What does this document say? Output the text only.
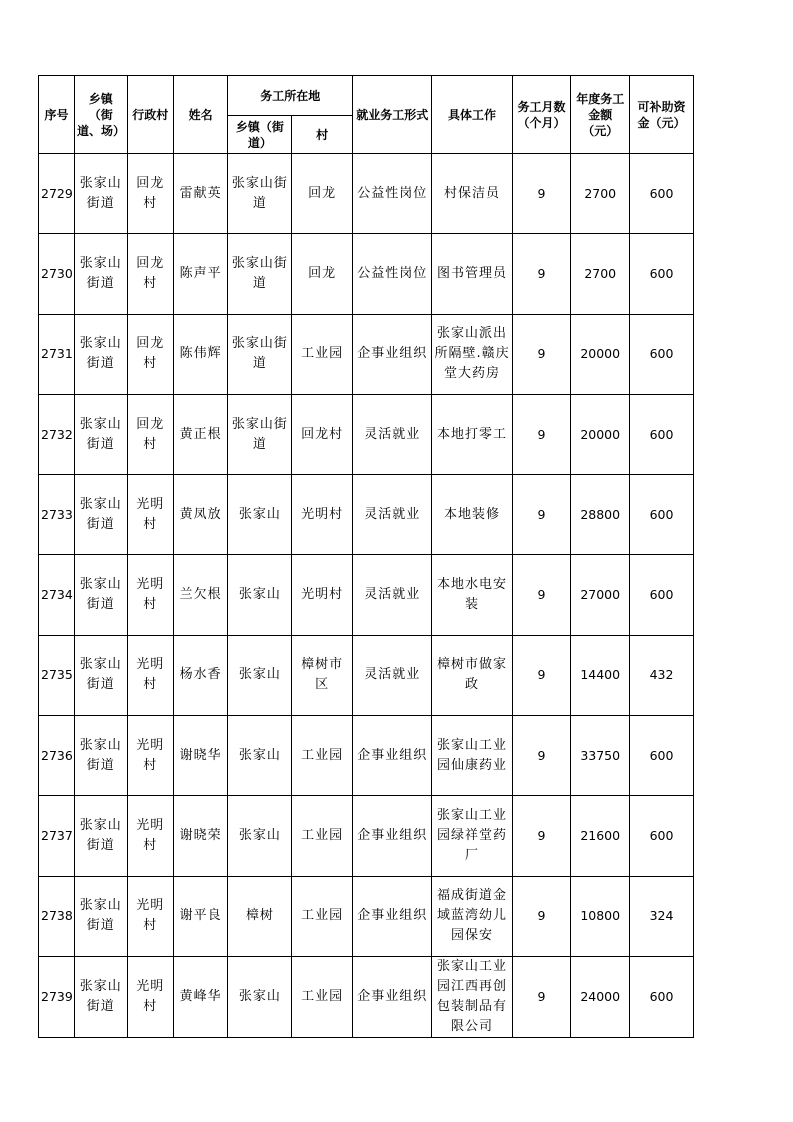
序号	乡镇（街道、场）	行政村	姓名	务工所在地		就业务工形式	具体工作	务工月数（个月）	年度务工金额（元）	可补助资金（元）
				乡镇（街道）	村					
2729	张家山街道	回龙村	雷献英	张家山街道	回龙	公益性岗位	村保洁员	9	2700	600
2730	张家山街道	回龙村	陈声平	张家山街道	回龙	公益性岗位	图书管理员	9	2700	600
2731	张家山街道	回龙村	陈伟辉	张家山街道	工业园	企事业组织	张家山派出所隔壁.赣庆堂大药房	9	20000	600
2732	张家山街道	回龙村	黄正根	张家山街道	回龙村	灵活就业	本地打零工	9	20000	600
2733	张家山街道	光明村	黄凤放	张家山	光明村	灵活就业	本地装修	9	28800	600
2734	张家山街道	光明村	兰欠根	张家山	光明村	灵活就业	本地水电安装	9	27000	600
2735	张家山街道	光明村	杨水香	张家山	樟树市区	灵活就业	樟树市做家政	9	14400	432
2736	张家山街道	光明村	谢晓华	张家山	工业园	企事业组织	张家山工业园仙康药业	9	33750	600
2737	张家山街道	光明村	谢晓荣	张家山	工业园	企事业组织	张家山工业园绿祥堂药厂	9	21600	600
2738	张家山街道	光明村	谢平良	樟树	工业园	企事业组织	福成街道金域蓝湾幼儿园保安	9	10800	324
2739	张家山街道	光明村	黄峰华	张家山	工业园	企事业组织	张家山工业园江西再创包装制品有限公司	9	24000	600
